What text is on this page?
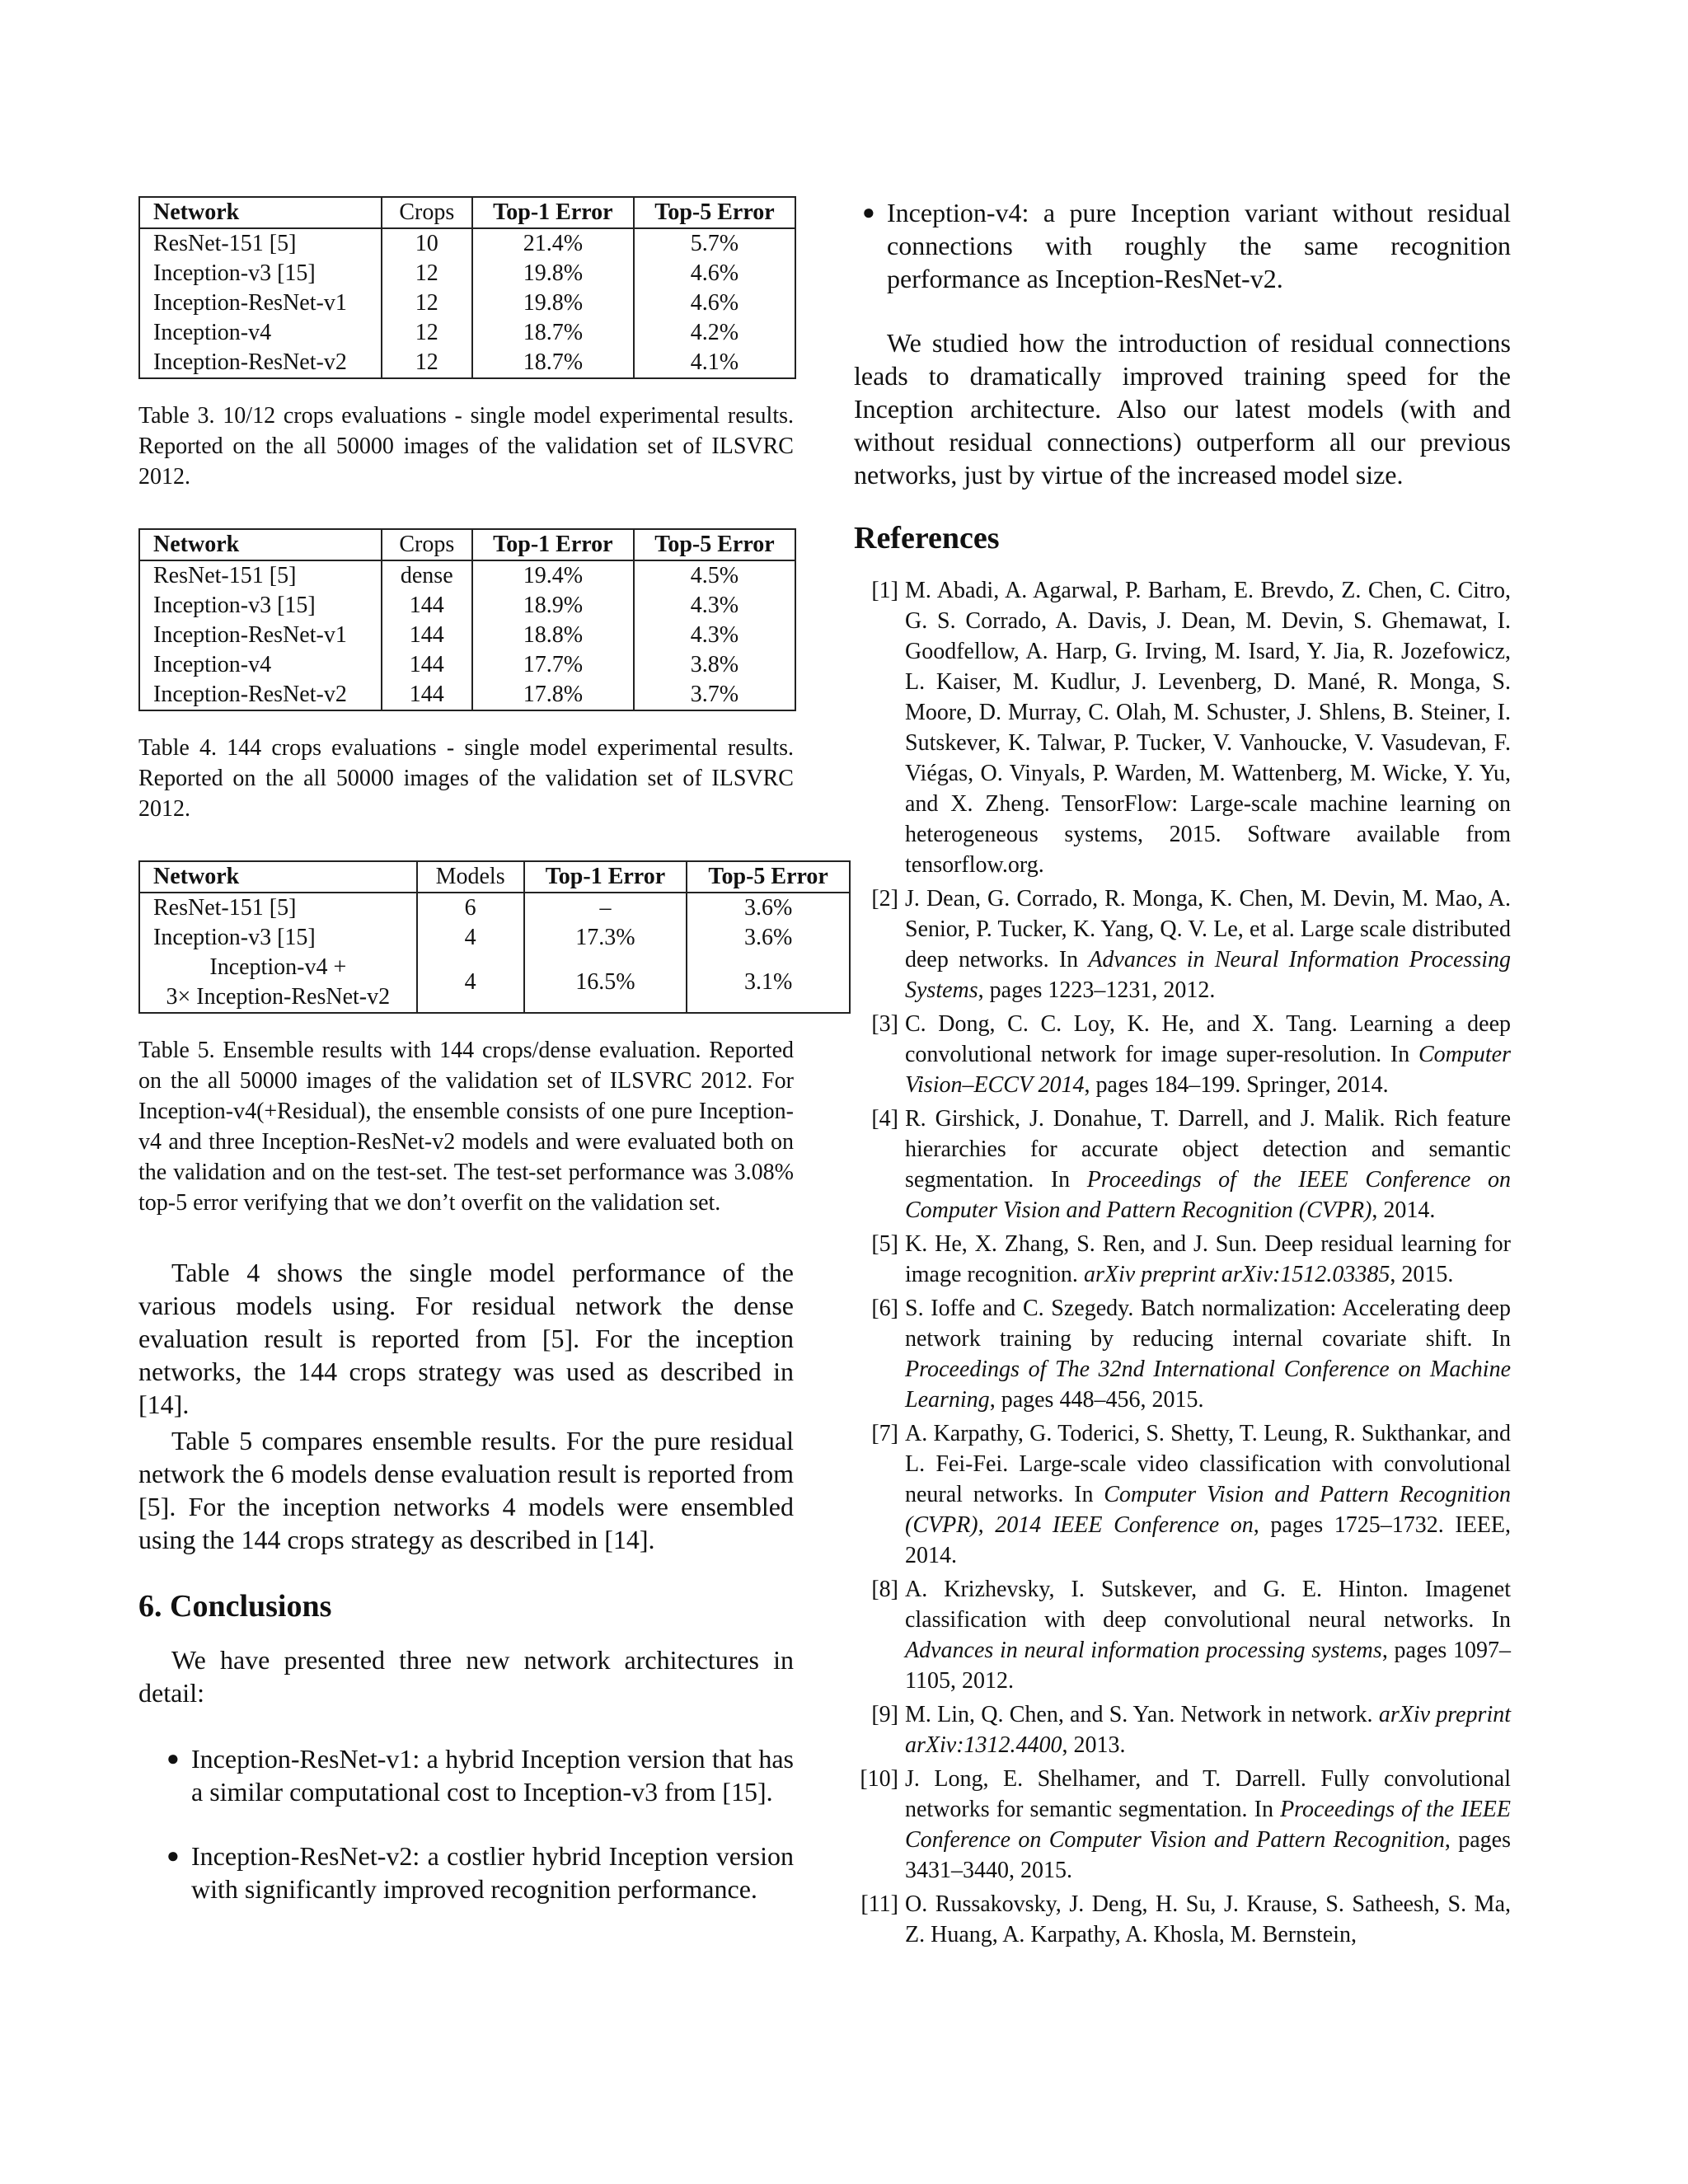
Network	Crops	Top-1 Error	Top-5 Error
ResNet-151 [5]	10	21.4%	5.7%
Inception-v3 [15]	12	19.8%	4.6%
Inception-ResNet-v1	12	19.8%	4.6%
Inception-v4	12	18.7%	4.2%
Inception-ResNet-v2	12	18.7%	4.1%

Table 3. 10/12 crops evaluations - single model experimental results. Reported on the all 50000 images of the validation set of ILSVRC 2012.

Network	Crops	Top-1 Error	Top-5 Error
ResNet-151 [5]	dense	19.4%	4.5%
Inception-v3 [15]	144	18.9%	4.3%
Inception-ResNet-v1	144	18.8%	4.3%
Inception-v4	144	17.7%	3.8%
Inception-ResNet-v2	144	17.8%	3.7%

Table 4. 144 crops evaluations - single model experimental results. Reported on the all 50000 images of the validation set of ILSVRC 2012.

Network	Models	Top-1 Error	Top-5 Error
ResNet-151 [5]	6	–	3.6%
Inception-v3 [15]	4	17.3%	3.6%

Inception-v4 +
3× Inception-ResNet-v2	4	16.5%	3.1%

Table 5. Ensemble results with 144 crops/dense evaluation. Reported on the all 50000 images of the validation set of ILSVRC 2012. For Inception-v4(+Residual), the ensemble consists of one pure Inception-v4 and three Inception-ResNet-v2 models and were evaluated both on the validation and on the test-set. The test-set performance was 3.08% top-5 error verifying that we don’t overfit on the validation set.

Table 4 shows the single model performance of the various models using. For residual network the dense evaluation result is reported from [5]. For the inception networks, the 144 crops strategy was used as described in [14].

Table 5 compares ensemble results. For the pure residual network the 6 models dense evaluation result is reported from [5]. For the inception networks 4 models were ensembled using the 144 crops strategy as described in [14].

6. Conclusions

We have presented three new network architectures in detail:

● Inception-ResNet-v1: a hybrid Inception version that has a similar computational cost to Inception-v3 from [15].
● Inception-ResNet-v2: a costlier hybrid Inception version with significantly improved recognition performance.
● Inception-v4: a pure Inception variant without residual connections with roughly the same recognition performance as Inception-ResNet-v2.

We studied how the introduction of residual connections leads to dramatically improved training speed for the Inception architecture. Also our latest models (with and without residual connections) outperform all our previous networks, just by virtue of the increased model size.

References
[1] M. Abadi, A. Agarwal, P. Barham, E. Brevdo, Z. Chen, C. Citro, G. S. Corrado, A. Davis, J. Dean, M. Devin, S. Ghemawat, I. Goodfellow, A. Harp, G. Irving, M. Isard, Y. Jia, R. Jozefowicz, L. Kaiser, M. Kudlur, J. Levenberg, D. Mané, R. Monga, S. Moore, D. Murray, C. Olah, M. Schuster, J. Shlens, B. Steiner, I. Sutskever, K. Talwar, P. Tucker, V. Vanhoucke, V. Vasudevan, F. Viégas, O. Vinyals, P. Warden, M. Wattenberg, M. Wicke, Y. Yu, and X. Zheng. TensorFlow: Large-scale machine learning on heterogeneous systems, 2015. Software available from tensorflow.org.
[2] J. Dean, G. Corrado, R. Monga, K. Chen, M. Devin, M. Mao, A. Senior, P. Tucker, K. Yang, Q. V. Le, et al. Large scale distributed deep networks. In Advances in Neural Information Processing Systems, pages 1223–1231, 2012.
[3] C. Dong, C. C. Loy, K. He, and X. Tang. Learning a deep convolutional network for image super-resolution. In Computer Vision–ECCV 2014, pages 184–199. Springer, 2014.
[4] R. Girshick, J. Donahue, T. Darrell, and J. Malik. Rich feature hierarchies for accurate object detection and semantic segmentation. In Proceedings of the IEEE Conference on Computer Vision and Pattern Recognition (CVPR), 2014.
[5] K. He, X. Zhang, S. Ren, and J. Sun. Deep residual learning for image recognition. arXiv preprint arXiv:1512.03385, 2015.
[6] S. Ioffe and C. Szegedy. Batch normalization: Accelerating deep network training by reducing internal covariate shift. In Proceedings of The 32nd International Conference on Machine Learning, pages 448–456, 2015.
[7] A. Karpathy, G. Toderici, S. Shetty, T. Leung, R. Sukthankar, and L. Fei-Fei. Large-scale video classification with convolutional neural networks. In Computer Vision and Pattern Recognition (CVPR), 2014 IEEE Conference on, pages 1725–1732. IEEE, 2014.
[8] A. Krizhevsky, I. Sutskever, and G. E. Hinton. Imagenet classification with deep convolutional neural networks. In Advances in neural information processing systems, pages 1097–1105, 2012.
[9] M. Lin, Q. Chen, and S. Yan. Network in network. arXiv preprint arXiv:1312.4400, 2013.
[10] J. Long, E. Shelhamer, and T. Darrell. Fully convolutional networks for semantic segmentation. In Proceedings of the IEEE Conference on Computer Vision and Pattern Recognition, pages 3431–3440, 2015.
[11] O. Russakovsky, J. Deng, H. Su, J. Krause, S. Satheesh, S. Ma, Z. Huang, A. Karpathy, A. Khosla, M. Bernstein,
